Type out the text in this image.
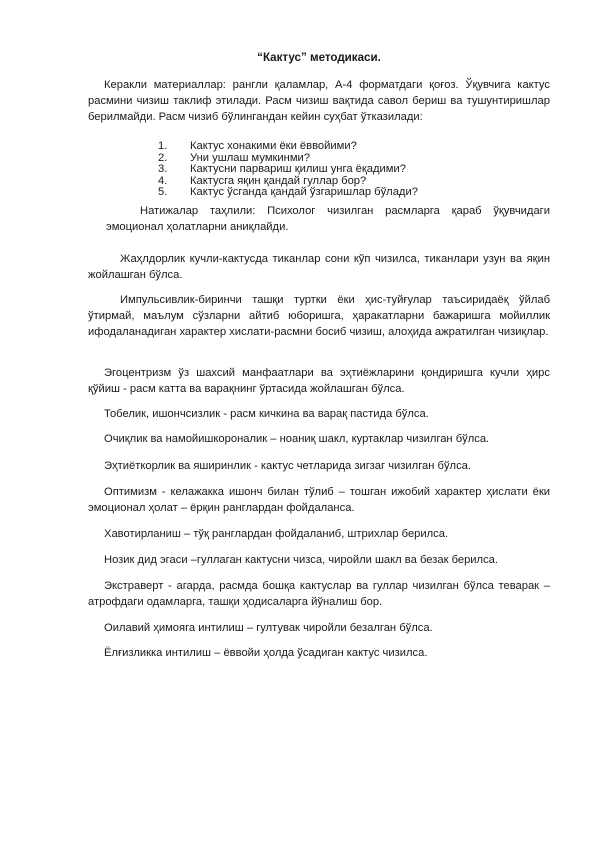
“Кактус” методикаси.

Керакли материаллар: рангли қаламлар, А-4 форматдаги қоғоз. Ўқувчига кактус расмини чизиш таклиф этилади. Расм чизиш вақтида савол бериш ва тушунтиришлар берилмайди. Расм чизиб бўлингандан кейин суҳбат ўтказилади:

1. Кактус хонакими ёки ёввойими?
2. Уни ушлаш мумкинми?
3. Кактусни парвариш қилиш унга ёқадими?
4. Кактусга яқин қандай гуллар бор?
5. Кактус ўсганда қандай ўзгаришлар бўлади?

Натижалар таҳлили: Психолог чизилган расмларга қараб ўқувчидаги эмоционал ҳолатларни аниқлайди.

Жаҳлдорлик кучли-кактусда тиканлар сони кўп чизилса, тиканлари узун ва яқин жойлашган бўлса.

Импульсивлик-биринчи ташқи туртки ёки ҳис-туйғулар таъсиридаёқ ўйлаб ўтирмай, маълум сўзларни айтиб юборишга, ҳаракатларни бажаришга мойиллик ифодаланадиган характер хислати-расмни босиб чизиш, алоҳида ажратилган чизиқлар.

Эгоцентризм ўз шахсий манфаатлари ва эҳтиёжларини қондиришга кучли ҳирс қўйиш - расм катта ва варақнинг ўртасида жойлашган бўлса.

Тобелик, ишончсизлик - расм кичкина ва варақ пастида бўлса.

Очиқлик ва намойишкороналик – ноаниқ шакл, куртаклар чизилган бўлса.

Эҳтиёткорлик ва яширинлик - кактус четларида зигзаг чизилган бўлса.

Оптимизм - келажакка ишонч билан тўлиб – тошган ижобий характер ҳислати ёки эмоционал ҳолат – ёрқин ранглардан фойдаланса.

Хавотирланиш – тўқ ранглардан фойдаланиб, штрихлар берилса.

Нозик дид эгаси –гуллаган кактусни чизса, чиройли шакл ва безак берилса.

Экстраверт - агарда, расмда бошқа кактуслар ва гуллар чизилган бўлса теварак – атрофдаги одамларга, ташқи ҳодисаларга йўналиш бор.

Оилавий ҳимояга интилиш – гултувак чиройли безалган бўлса.

Ёлғизликка интилиш – ёввойи ҳолда ўсадиган кактус чизилса.
